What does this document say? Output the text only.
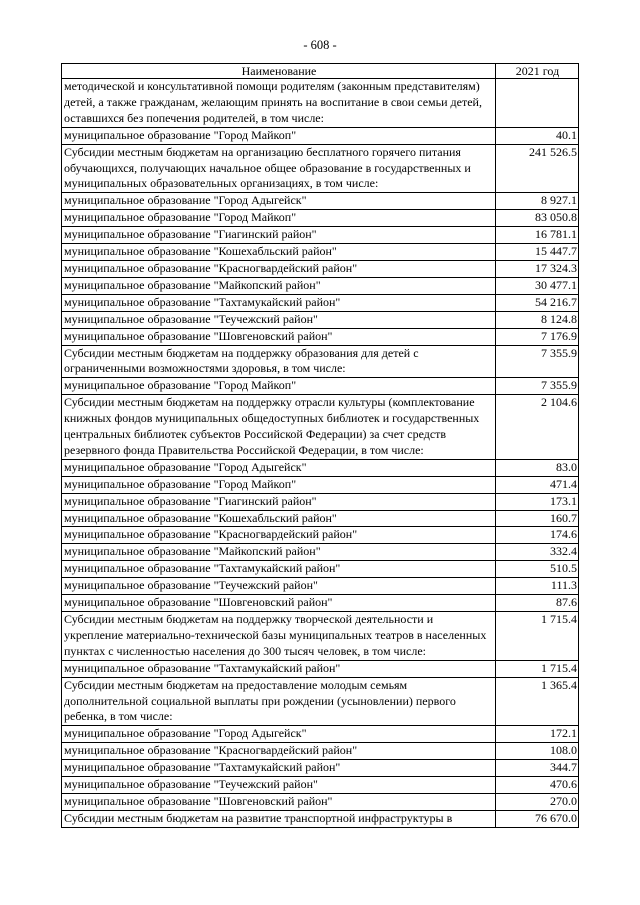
- 608 -
Наименование	2021 год
методической и консультативной помощи родителям (законным представителям) детей, а также гражданам, желающим принять на воспитание в свои семьи детей, оставшихся без попечения родителей, в том числе:	
муниципальное образование "Город Майкоп"	40.1
Субсидии местным бюджетам на организацию бесплатного горячего питания обучающихся, получающих начальное общее образование в государственных и муниципальных образовательных организациях, в том числе:	241 526.5
муниципальное образование "Город Адыгейск"	8 927.1
муниципальное образование "Город Майкоп"	83 050.8
муниципальное образование "Гиагинский район"	16 781.1
муниципальное образование "Кошехабльский район"	15 447.7
муниципальное образование "Красногвардейский район"	17 324.3
муниципальное образование "Майкопский район"	30 477.1
муниципальное образование "Тахтамукайский район"	54 216.7
муниципальное образование "Теучежский район"	8 124.8
муниципальное образование "Шовгеновский район"	7 176.9
Субсидии местным бюджетам на поддержку образования для детей с ограниченными возможностями здоровья, в том числе:	7 355.9
муниципальное образование "Город Майкоп"	7 355.9
Субсидии местным бюджетам на поддержку отрасли культуры (комплектование книжных фондов муниципальных общедоступных библиотек и государственных центральных библиотек субъектов Российской Федерации) за счет средств резервного фонда Правительства Российской Федерации, в том числе:	2 104.6
муниципальное образование "Город Адыгейск"	83.0
муниципальное образование "Город Майкоп"	471.4
муниципальное образование "Гиагинский район"	173.1
муниципальное образование "Кошехабльский район"	160.7
муниципальное образование "Красногвардейский район"	174.6
муниципальное образование "Майкопский район"	332.4
муниципальное образование "Тахтамукайский район"	510.5
муниципальное образование "Теучежский район"	111.3
муниципальное образование "Шовгеновский район"	87.6
Субсидии местным бюджетам на поддержку творческой деятельности и укрепление материально-технической базы муниципальных театров в населенных пунктах с численностью населения до 300 тысяч человек, в том числе:	1 715.4
муниципальное образование "Тахтамукайский район"	1 715.4
Субсидии местным бюджетам на предоставление молодым семьям дополнительной социальной выплаты при рождении (усыновлении) первого ребенка, в том числе:	1 365.4
муниципальное образование "Город Адыгейск"	172.1
муниципальное образование "Красногвардейский район"	108.0
муниципальное образование "Тахтамукайский район"	344.7
муниципальное образование "Теучежский район"	470.6
муниципальное образование "Шовгеновский район"	270.0
Субсидии местным бюджетам на развитие транспортной инфраструктуры в	76 670.0
